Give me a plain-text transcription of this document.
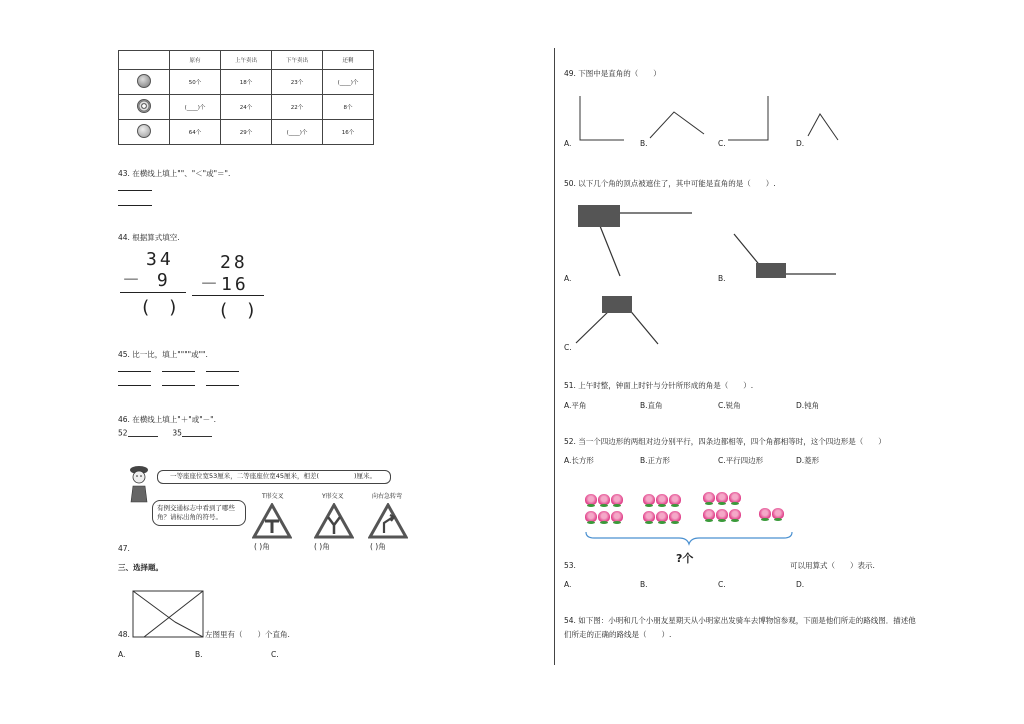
	原有	上午卖出	下午卖出	还剩
	50个	18个	23个	(____)个
	(____)个	24个	22个	8个
	64个	29个	(____)个	16个
43. 在横线上填上""、"＜"或"＝".
44. 根据算式填空.
34
－ 9
( )
28
－16
( )
45. 比一比，填上""""或"".
46. 在横线上填上"＋"或"－".
52	35
一等座座位宽53厘米，二等座座位宽45厘米，相差(	)厘米。
有例交通标志中看到了哪些角？请标出角的符号。
T形交叉	Y形交叉	向右急转弯
( )角	( )角	( )角
47.
三、选择题。
48.	左图里有（　　）个直角.
A.	B.	C.
49. 下图中是直角的（　　）
A.	B.	C.	D.
50. 以下几个角的顶点被遮住了，其中可能是直角的是（　　）.
A.	B.
C.
51. 上午时整，钟面上时针与分针所形成的角是（　　）.
A.平角	B.直角	C.锐角	D.钝角
52. 当一个四边形的两组对边分别平行，四条边都相等，四个角都相等时，这个四边形是（　　）
A.长方形	B.正方形	C.平行四边形	D.菱形
?个
53.	可以用算式（　　）表示.
A.	B.	C.	D.
54. 如下图：小明和几个小朋友星期天从小明家出发骑车去博物馆参观，下面是他们所走的路线图．描述他
们所走的正确的路线是（　　）.
